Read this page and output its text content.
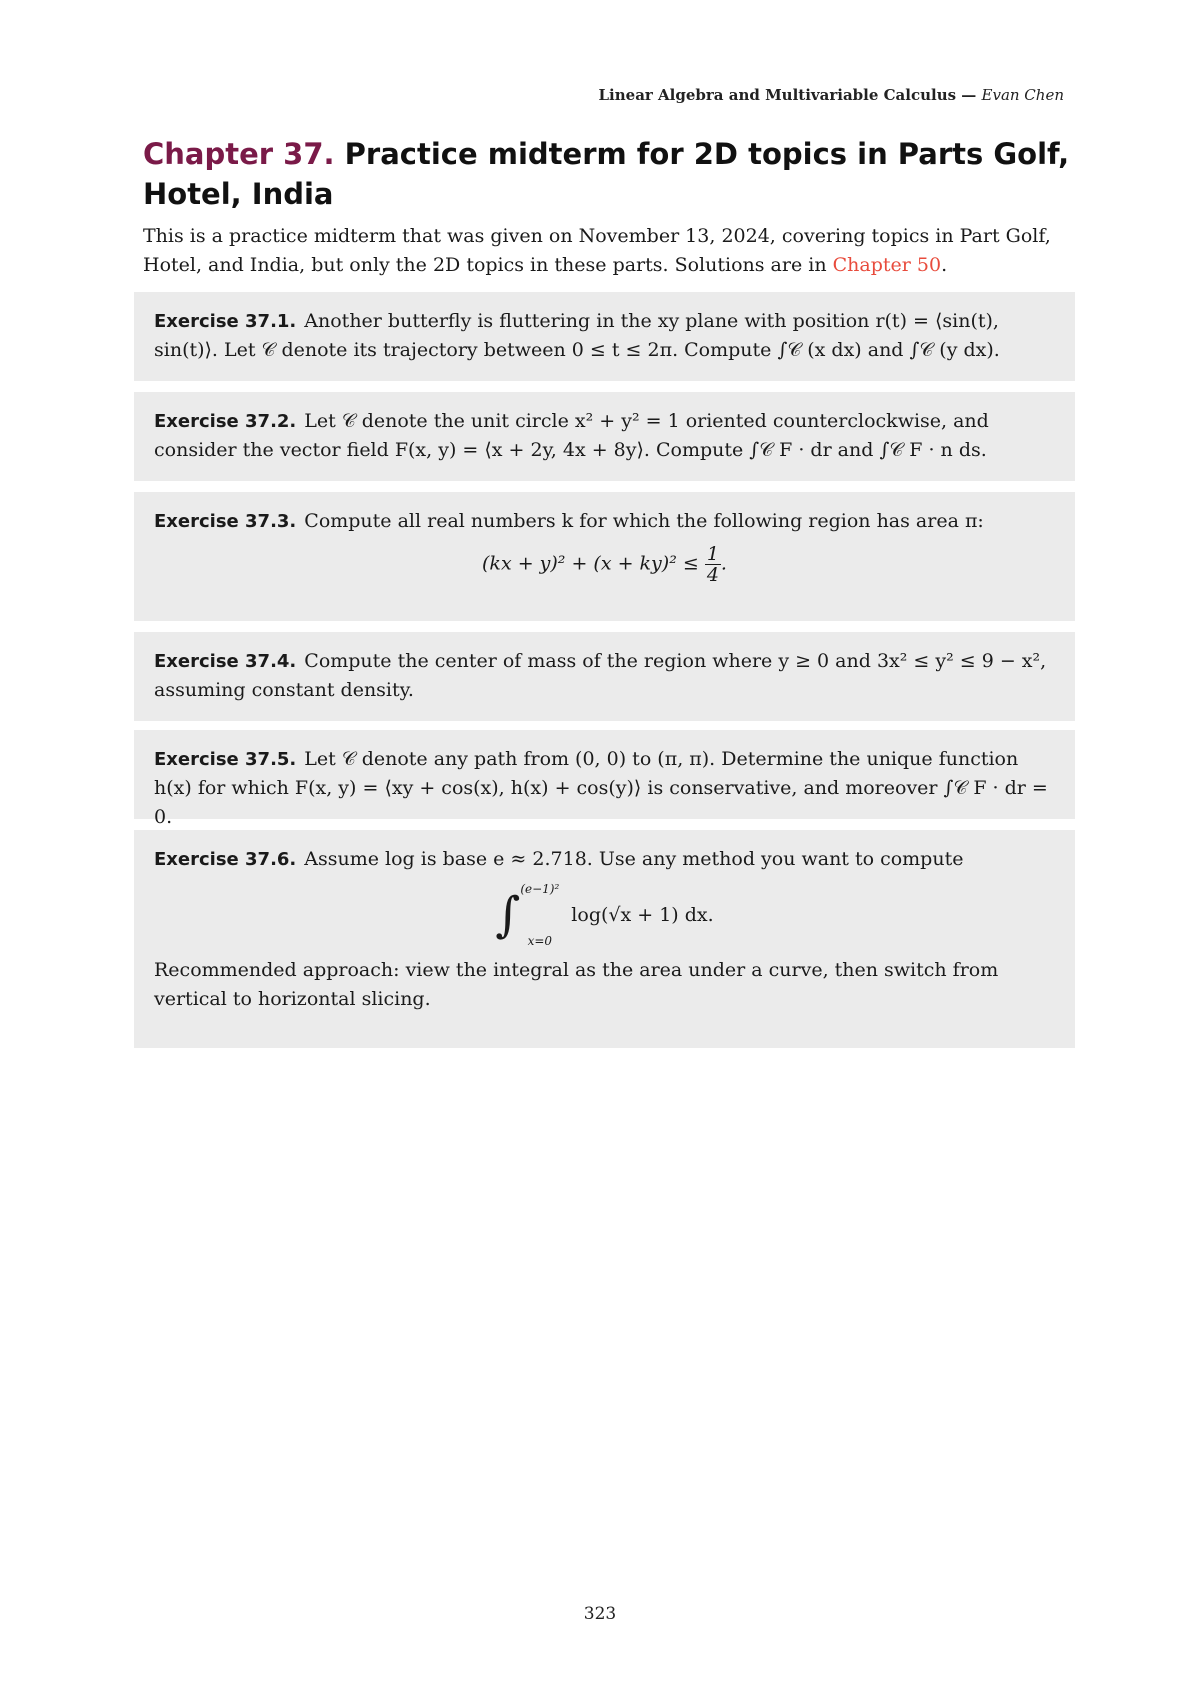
Linear Algebra and Multivariable Calculus — Evan Chen
Chapter 37. Practice midterm for 2D topics in Parts Golf, Hotel, India
This is a practice midterm that was given on November 13, 2024, covering topics in Part Golf, Hotel, and India, but only the 2D topics in these parts. Solutions are in Chapter 50.
Exercise 37.1. Another butterfly is fluttering in the xy plane with position r(t) = ⟨sin(t), sin(t)⟩. Let 𝒞 denote its trajectory between 0 ≤ t ≤ 2π. Compute ∫𝒞 (x dx) and ∫𝒞 (y dx).
Exercise 37.2. Let 𝒞 denote the unit circle x² + y² = 1 oriented counterclockwise, and consider the vector field F(x, y) = ⟨x + 2y, 4x + 8y⟩. Compute ∫𝒞 F · dr and ∫𝒞 F · n ds.
Exercise 37.3. Compute all real numbers k for which the following region has area π:
$(kx + y)^2 + (x + ky)^2 \le \frac{1}{4}$ .
Exercise 37.4. Compute the center of mass of the region where y ≥ 0 and 3x² ≤ y² ≤ 9 − x², assuming constant density.
Exercise 37.5. Let 𝒞 denote any path from (0, 0) to (π, π). Determine the unique function h(x) for which F(x, y) = ⟨xy + cos(x), h(x) + cos(y)⟩ is conservative, and moreover ∫𝒞 F · dr = 0.
Exercise 37.6. Assume log is base e ≈ 2.718. Use any method you want to compute
∫ (e−1)²
x=0
log(√x + 1) dx.
Recommended approach: view the integral as the area under a curve, then switch from vertical to horizontal slicing.
323
